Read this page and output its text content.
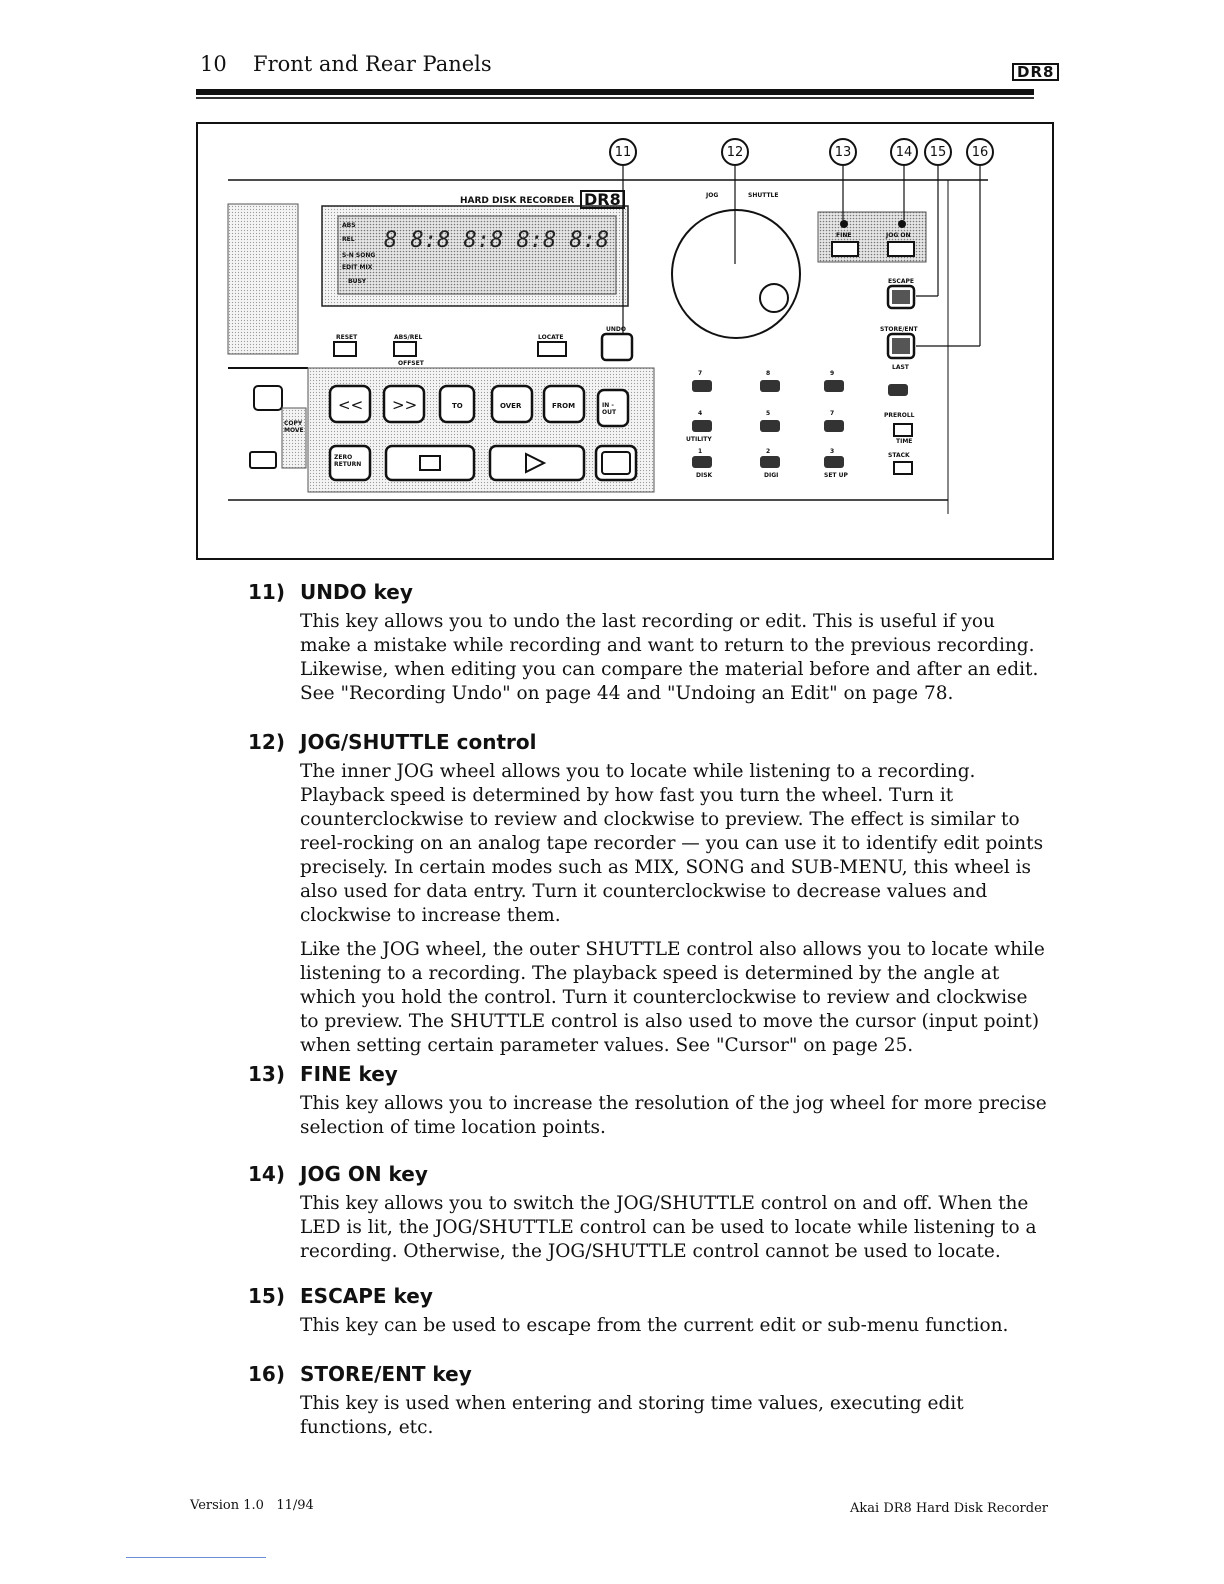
10 Front and Rear Panels	DR8
<< >>
11	12	13	14	15	16
HARD DISK RECORDER DR8	JOG	SHUTTLE
ABS
REL
S-N SONG
EDIT MIX
BUSY
8 8:8 8:8 8:8 8:8
RESET	ABS/REL
OFFSET
LOCATE
UNDO
TO	OVER	FROM	IN - OUT
ZERO RETURN
COPY MOVE
FINE	JOG ON
ESCAPE
STORE/ENT
LAST
PREROLL
TIME
STACK
UTILITY
DISK	DIGI	SET UP
7	8	9
4	5	7
1	2	3
11) UNDO key

This key allows you to undo the last recording or edit. This is useful if you make a mistake while recording and want to return to the previous recording. Likewise, when editing you can compare the material before and after an edit. See "Recording Undo" on page 44 and "Undoing an Edit" on page 78.

12) JOG/SHUTTLE control

The inner JOG wheel allows you to locate while listening to a recording. Playback speed is determined by how fast you turn the wheel. Turn it counterclockwise to review and clockwise to preview. The effect is similar to reel-rocking on an analog tape recorder — you can use it to identify edit points precisely. In certain modes such as MIX, SONG and SUB-MENU, this wheel is also used for data entry. Turn it counterclockwise to decrease values and clockwise to increase them.

Like the JOG wheel, the outer SHUTTLE control also allows you to locate while listening to a recording. The playback speed is determined by the angle at which you hold the control. Turn it counterclockwise to review and clockwise to preview. The SHUTTLE control is also used to move the cursor (input point) when setting certain parameter values. See "Cursor" on page 25.

13) FINE key

This key allows you to increase the resolution of the jog wheel for more precise selection of time location points.

14) JOG ON key

This key allows you to switch the JOG/SHUTTLE control on and off. When the LED is lit, the JOG/SHUTTLE control can be used to locate while listening to a recording. Otherwise, the JOG/SHUTTLE control cannot be used to locate.

15) ESCAPE key

This key can be used to escape from the current edit or sub-menu function.

16) STORE/ENT key

This key is used when entering and storing time values, executing edit functions, etc.

Version 1.0   11/94	Akai DR8 Hard Disk Recorder
